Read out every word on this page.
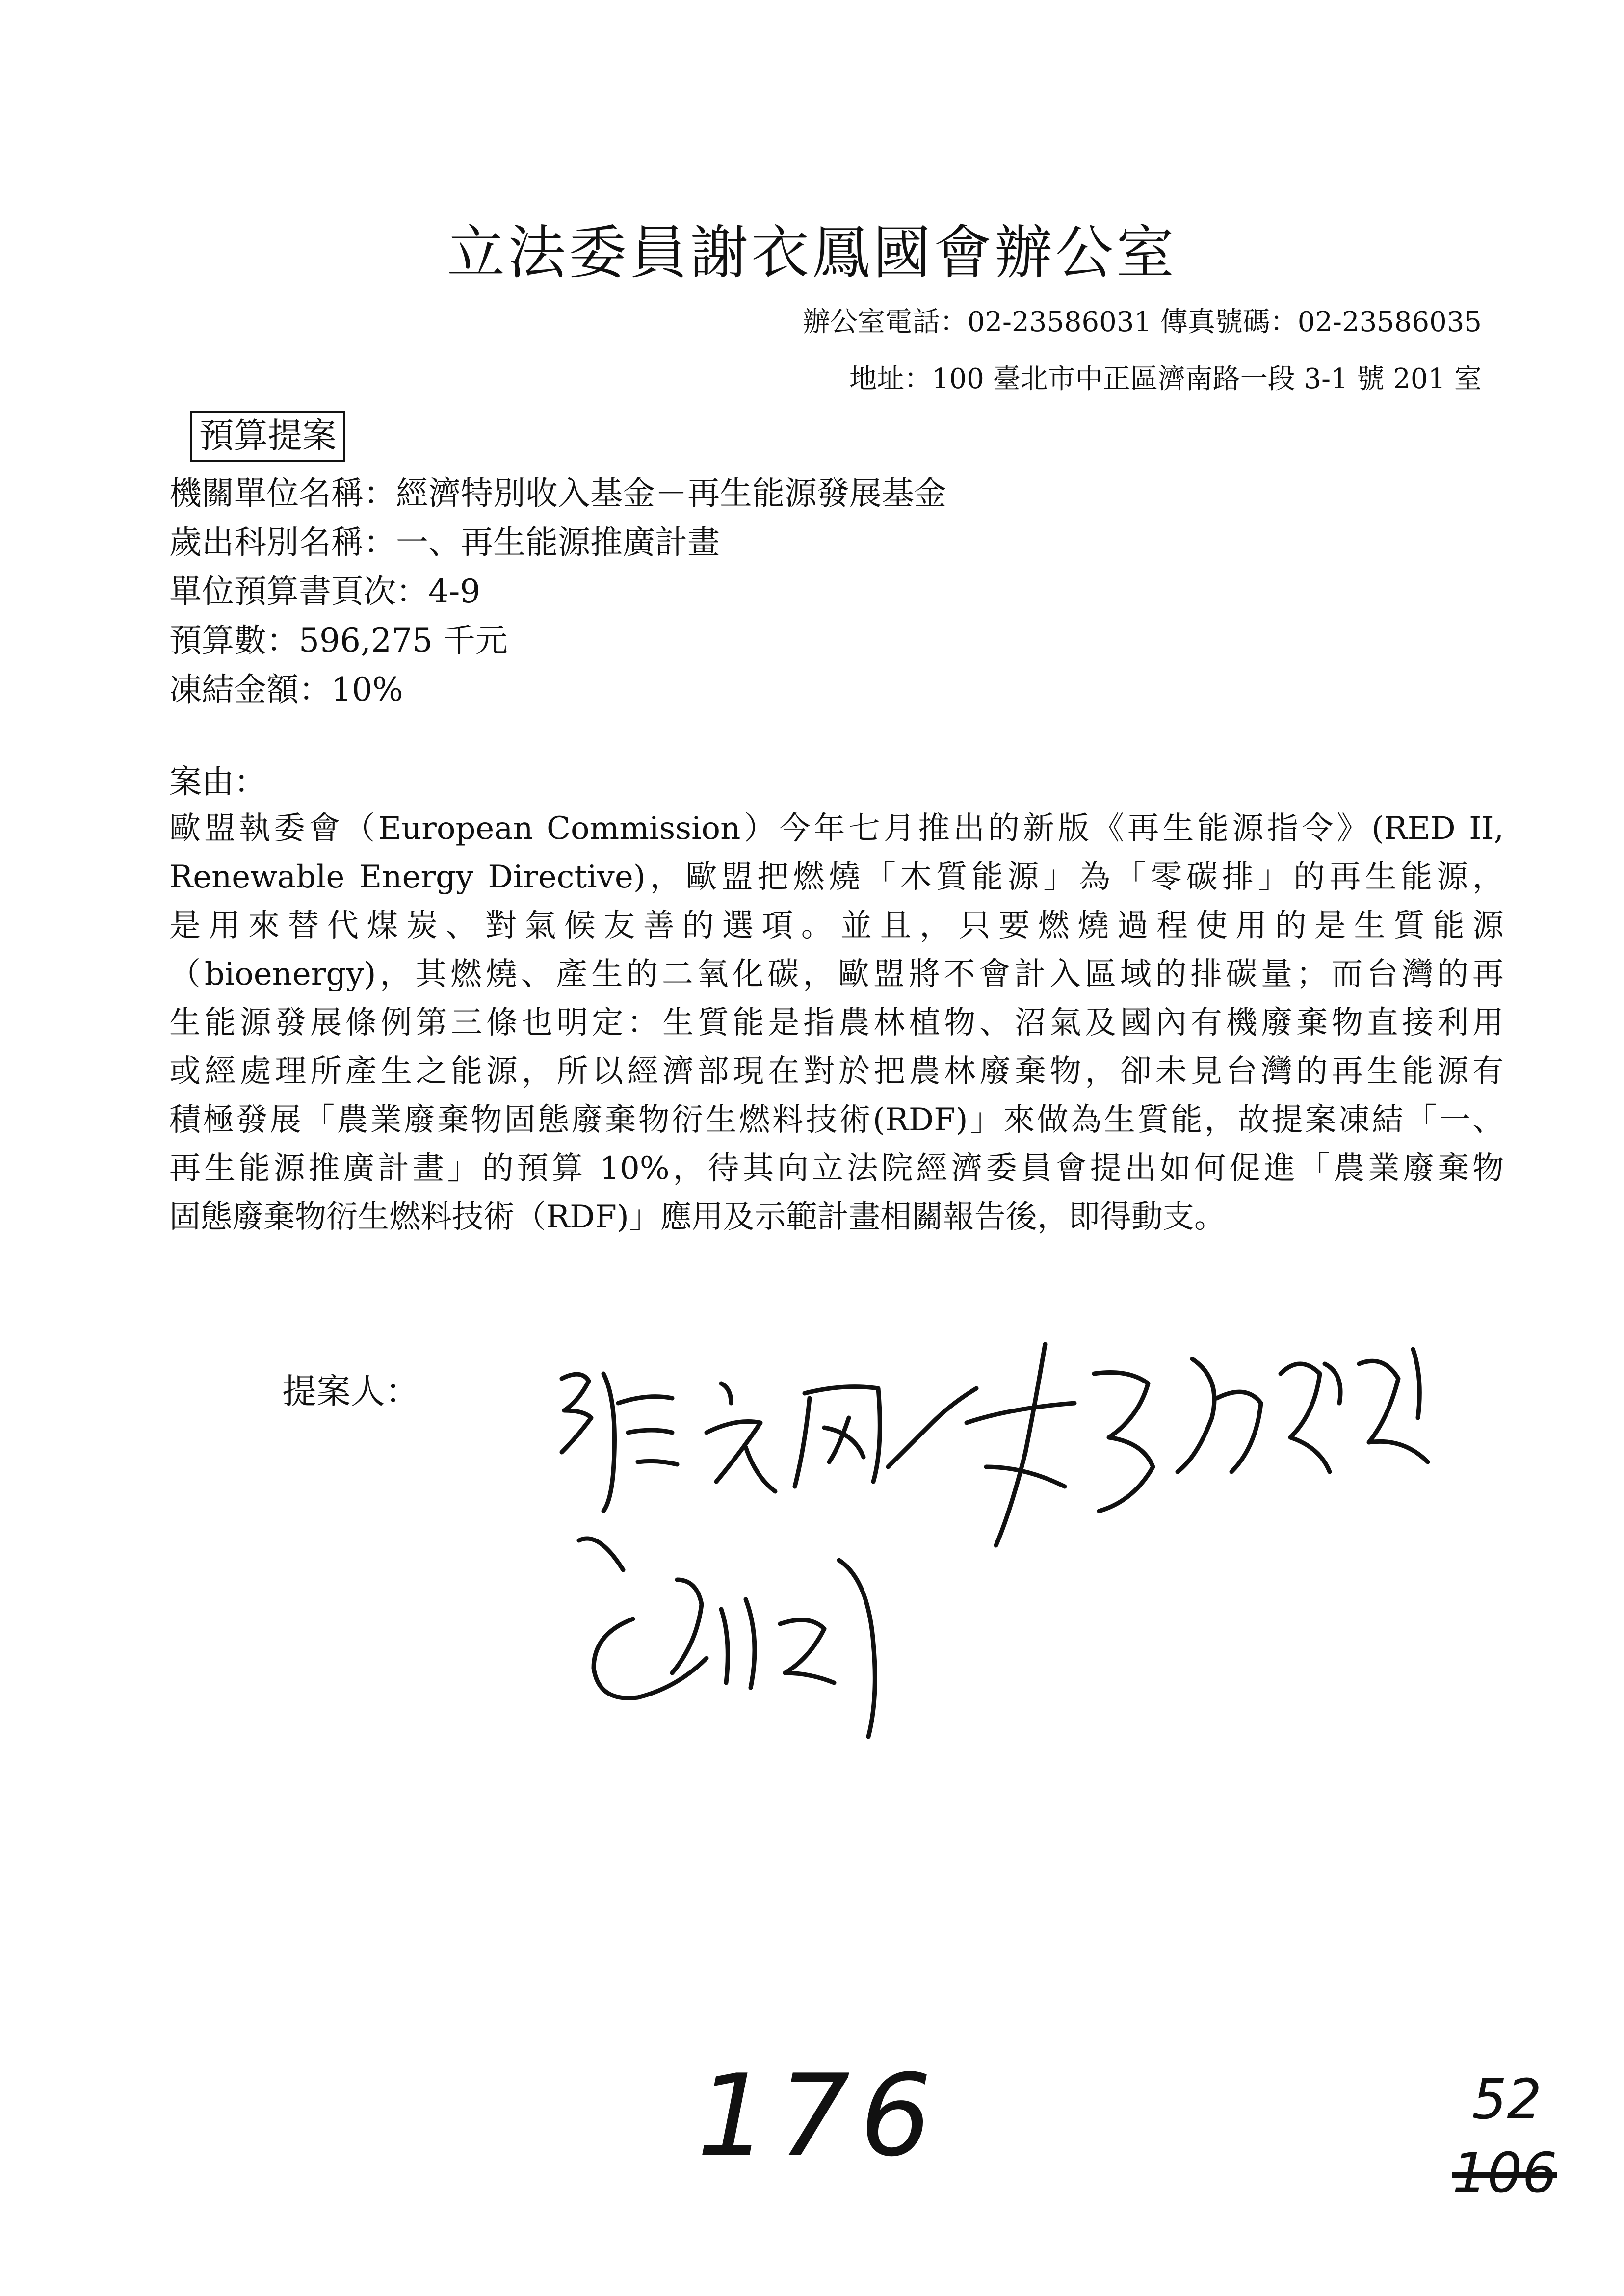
立法委員謝衣鳳國會辦公室
辦公室電話：02-23586031 傳真號碼：02-23586035
地址：100 臺北市中正區濟南路一段 3-1 號 201 室
預算提案
機關單位名稱：經濟特別收入基金－再生能源發展基金
歲出科別名稱：一、再生能源推廣計畫
單位預算書頁次：4-9
預算數：596,275 千元
凍結金額：10%
案由：
歐盟執委會（European Commission）今年七月推出的新版《再生能源指令》(RED II,
Renewable Energy Directive)，歐盟把燃燒「木質能源」為「零碳排」的再生能源，
是用來替代煤炭、對氣候友善的選項。並且，只要燃燒過程使用的是生質能源
（bioenergy)，其燃燒、產生的二氧化碳，歐盟將不會計入區域的排碳量；而台灣的再
生能源發展條例第三條也明定：生質能是指農林植物、沼氣及國內有機廢棄物直接利用
或經處理所產生之能源，所以經濟部現在對於把農林廢棄物，卻未見台灣的再生能源有
積極發展「農業廢棄物固態廢棄物衍生燃料技術(RDF)」來做為生質能，故提案凍結「一、
再生能源推廣計畫」的預算 10%，待其向立法院經濟委員會提出如何促進「農業廢棄物
固態廢棄物衍生燃料技術（RDF)」應用及示範計畫相關報告後，即得動支。
提案人：
176	52
106
